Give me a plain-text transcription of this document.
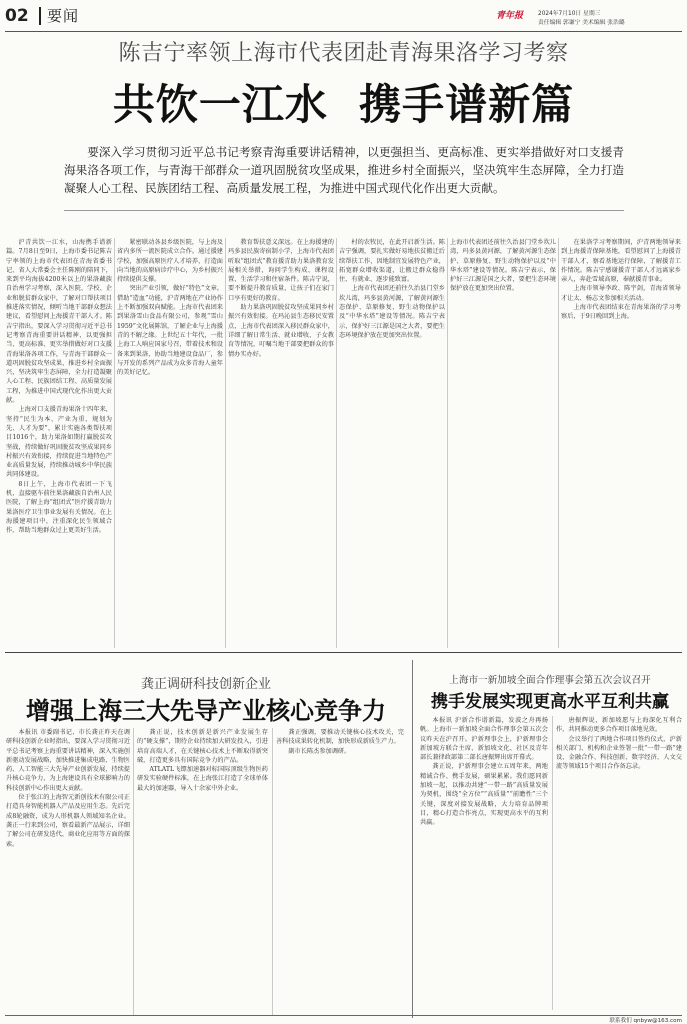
02	要闻	青年报	2024年7月10日 星期三
责任编辑 郭谦宁 美术编辑 张浩璐
陈吉宁率领上海市代表团赴青海果洛学习考察
共饮一江水  携手谱新篇
要深入学习贯彻习近平总书记考察青海重要讲话精神，以更强担当、更高标准、更实举措做好对口支援青海果洛各项工作，与青海干部群众一道巩固脱贫攻坚成果，推进乡村全面振兴，坚决筑牢生态屏障，全力打造凝聚人心工程、民族团结工程、高质量发展工程，为推进中国式现代化作出更大贡献。

沪青共饮一江水，山海携手谱新篇。7月8日至9日，上海市委书记陈吉宁率领的上海市代表团在青海省委书记、省人大常委会主任陈刚的陪同下，来到平均海拔4200米以上的果洛藏族自治州学习考察，深入医院、学校、企业和脱贫群众家中，了解对口帮扶项目推进落实情况，倾听当地干部群众想法建议，看望慰问上海援青干部人才。陈吉宁指出，要深入学习贯彻习近平总书记考察青海重要讲话精神，以更强担当、更高标准、更实举措做好对口支援青海果洛各项工作，与青海干部群众一道巩固脱贫攻坚成果，推进乡村全面振兴，坚决筑牢生态屏障，全力打造凝聚人心工程、民族团结工程、高质量发展工程，为推进中国式现代化作出更大贡献。

上海对口支援青海果洛十四年来，坚持“民生为本、产业为重、规划为先、人才为要”，累计实施各类帮扶项目1016个，助力果洛如期打赢脱贫攻坚战，持续做好巩固脱贫攻坚成果同乡村振兴有效衔接，持续促进当地特色产业高质量发展，持续推动城乡中华民族共同体建设。

8日上午，上海市代表团一下飞机，直接驱车前往果洛藏族自治州人民医院，了解上海“组团式”医疗援青助力果洛医疗卫生事业发展有关情况。在上海援建项目中，注重深化民生领域合作，帮助当地群众过上更美好生活。

紧密联动各县乡级医院，与上海及省内多所一流医院成立合作。通过援建学校，加强高原医疗人才培养，打造面向当地的高原病诊疗中心，为乡村振兴持续提供支撑。

突出产业引领，做好“特色”文章。借助“造血”功能，沪青两地在产业协作上不断加强双向赋能。上海市代表团来到果洛雪山食品有限公司，参观“雪山1959”文化展陈馆，了解企业与上海援青的不解之缘。上世纪五十年代，一批上海工人响应国家号召，带着技术和设备来到果洛，协助当地建设食品厂，参与开发的系列产品成为众多青海人童年的美好记忆。

教育帮扶意义深远。在上海援建的玛多县民族寄宿制小学，上海市代表团听取“组团式”教育援青助力果洛教育发展相关举措，询问学生构成、课程设置、生活学习和住宿条件。陈吉宁说，要不断提升教育质量，让孩子们在家门口享有更好的教育。

助力果洛巩固脱贫攻坚成果同乡村振兴有效衔接。在玛沁县生态移民安置点，上海市代表团深入移民群众家中，详细了解日常生活、就业增收、子女教育等情况，叮嘱当地干部要把群众的事情办实办好。

村的农牧民，在此开启新生活。陈吉宁强调，要扎实做好易地扶贫搬迁后续帮扶工作，因地制宜发展特色产业，拓宽群众增收渠道，让搬迁群众稳得住、有就业、逐步能致富。

上海市代表团还前往久治县门堂乡坎儿湾，玛多县黄河源，了解黄河源生态保护、草原修复、野生动物保护以及“中华水塔”建设等情况。陈吉宁表示，保护好三江源是国之大者，要把生态环境保护放在更加突出位置。

上海市代表团还前往久治县门堂乡坎儿湾，玛多县黄河源，了解黄河源生态保护、草原修复、野生动物保护以及“中华水塔”建设等情况。陈吉宁表示，保护好三江源是国之大者，要把生态环境保护放在更加突出位置。

在果洛学习考察期间，沪青两地领导来到上海援青保障基地，看望慰问了上海援青干部人才，察看基地运行保障，了解援青工作情况。陈吉宁感谢援青干部人才远离家乡亲人，奔赴雪域高原，奉献援青事业。

上海市领导李政、陈宇剑，青海省领导才让太、杨志文参加相关活动。

上海市代表团结束在青海果洛的学习考察后，于9日晚回到上海。

龚正调研科技创新企业
增强上海三大先导产业核心竞争力

本报讯 市委副书记、市长龚正昨天在调研科技创新企业时指出，要深入学习贯彻习近平总书记考察上海重要讲话精神，深入实施创新驱动发展战略，加快推进集成电路、生物医药、人工智能三大先导产业创新发展，持续提升核心竞争力，为上海建设具有全球影响力的科技创新中心作出更大贡献。

位于张江的上海智元新创技术有限公司正打造具身智能机器人产品及应用生态。先后完成8轮融资，成为人形机器人领域知名企业。龚正一行来到公司，察看最新产品展示，详细了解公司在研发迭代、商业化应用等方面的探索。

龚正说，技术创新是新兴产业发展生存的“硬支撑”，期待企业持续加大研发投入，引进培育高端人才，在关键核心技术上不断取得新突破，打造更多具有国际竞争力的产品。

ATLATL飞镖加速器对标国际顶级生物医药研发实验硬件标准，在上海张江打造了全球单体最大的加速器，导入十余家中外企业。

龚正强调，要推动关键核心技术攻关，完善科技成果转化机制，加快形成新质生产力。

副市长陈杰参加调研。

上海市一新加坡全面合作理事会第五次会议召开
携手发展实现更高水平互利共赢

本报讯 沪新合作谱新篇，发波之舟再扬帆。上海市一新加坡全面合作理事会第五次会议昨天在沪召开。沪新理事会上，沪新理事会新加坡方联合主席、新加坡文化、社区及青年部长兼律政部第二部长唐振辉出席开幕式。

龚正说，沪新理事会建立五周年来，两地精诚合作、携手发展，硕果累累。我们愿同新加坡一起，以推动共建“一带一路”高质量发展为契机，围绕“全方位”“高质量”“前瞻性”三个关键，深度对接发展战略，大力培育品牌项目，精心打造合作亮点，实现更高水平的互利共赢。

唐振辉说，新加坡愿与上海深化互利合作，共同推动更多合作项目落地见效。

会议举行了两地合作项目签约仪式，沪新相关部门、机构和企业签署一批“一带一路”建设、金融合作、科技创新、数字经济、人文交流等领域15个项目合作备忘录。

联系我们 qnbyw@163.com
